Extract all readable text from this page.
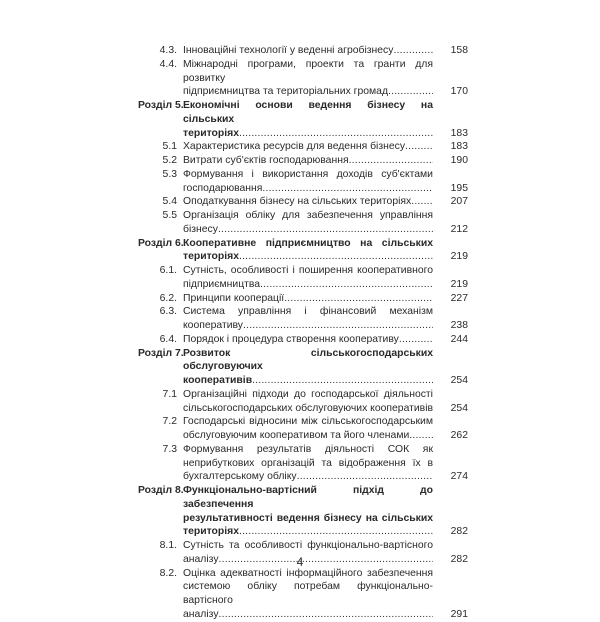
4.3. Інноваційні технології у веденні агробізнесу .....	158
4.4. Міжнародні програми, проекти та гранти для розвитку
підприємництва та територіальних громад .....	170
Розділ 5. Економічні основи ведення бізнесу на сільських
територіях .....	183
5.1 Характеристика ресурсів для ведення бізнесу .....	183
5.2 Витрати суб'єктів господарювання .....	190
5.3 Формування і використання доходів суб'єктами
господарювання .....	195
5.4 Оподаткування бізнесу на сільських територіях .....	207
5.5 Організація обліку для забезпечення управління
бізнесу .....	212
Розділ 6. Кооперативне підприємництво на сільських
територіях .....	219
6.1. Сутність, особливості і поширення кооперативного
підприємництва .....	219
6.2. Принципи кооперації .....	227
6.3. Система управління і фінансовий механізм
кооперативу .....	238
6.4. Порядок і процедура створення кооперативу .....	244
Розділ 7. Розвиток сільськогосподарських обслуговуючих
кооперативів .....	254
7.1 Організаційні підходи до господарської діяльності
сільськогосподарських обслуговуючих кооперативів	254
7.2 Господарські відносини між сільськогосподарським
обслуговуючим кооперативом та його членами .....	262
7.3 Формування результатів діяльності СОК як
неприбуткових організацій та відображення їх в
бухгалтерському обліку .....	274
Розділ 8. Функціонально-вартісний підхід до забезпечення
результативності ведення бізнесу на сільських
територіях .....	282
8.1. Сутність та особливості функціонально-вартісного
аналізу .....	282
8.2. Оцінка адекватності інформаційного забезпечення
системою обліку потребам функціонально-вартісного
аналізу .....	291
4
